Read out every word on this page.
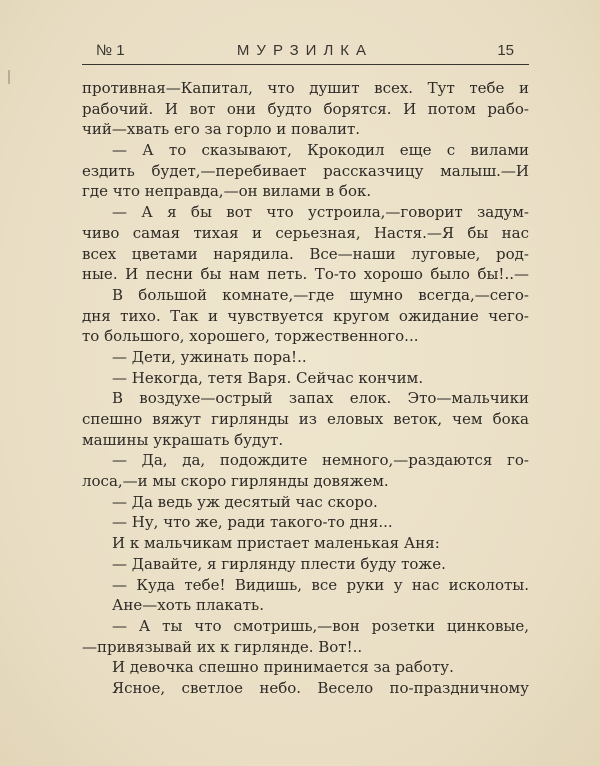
№ 1	МУРЗИЛКА	15
противная—Капитал, что душит всех. Тут тебе и
рабочий. И вот они будто борятся. И потом рабо-
чий—хвать его за горло и повалит.
— А то сказывают, Крокодил еще с вилами
ездить будет,—перебивает рассказчицу малыш.—И
где что неправда,—он вилами в бок.
— А я бы вот что устроила,—говорит задум-
чиво самая тихая и серьезная, Настя.—Я бы нас
всех цветами нарядила. Все—наши луговые, род-
ные. И песни бы нам петь. То-то хорошо было бы!..—
В большой комнате,—где шумно всегда,—сего-
дня тихо. Так и чувствуется кругом ожидание чего-
то большого, хорошего, торжественного...
— Дети, ужинать пора!..
— Некогда, тетя Варя. Сейчас кончим.
В воздухе—острый запах елок. Это—мальчики
спешно вяжут гирлянды из еловых веток, чем бока
машины украшать будут.
— Да, да, подождите немного,—раздаются го-
лоса,—и мы скоро гирлянды довяжем.
— Да ведь уж десятый час скоро.
— Ну, что же, ради такого-то дня...
И к мальчикам пристает маленькая Аня:
— Давайте, я гирлянду плести буду тоже.
— Куда тебе! Видишь, все руки у нас исколоты.
Ане—хоть плакать.
— А ты что смотришь,—вон розетки цинковые,
—привязывай их к гирлянде. Вот!..
И девочка спешно принимается за работу.
Ясное, светлое небо. Весело по-праздничному
